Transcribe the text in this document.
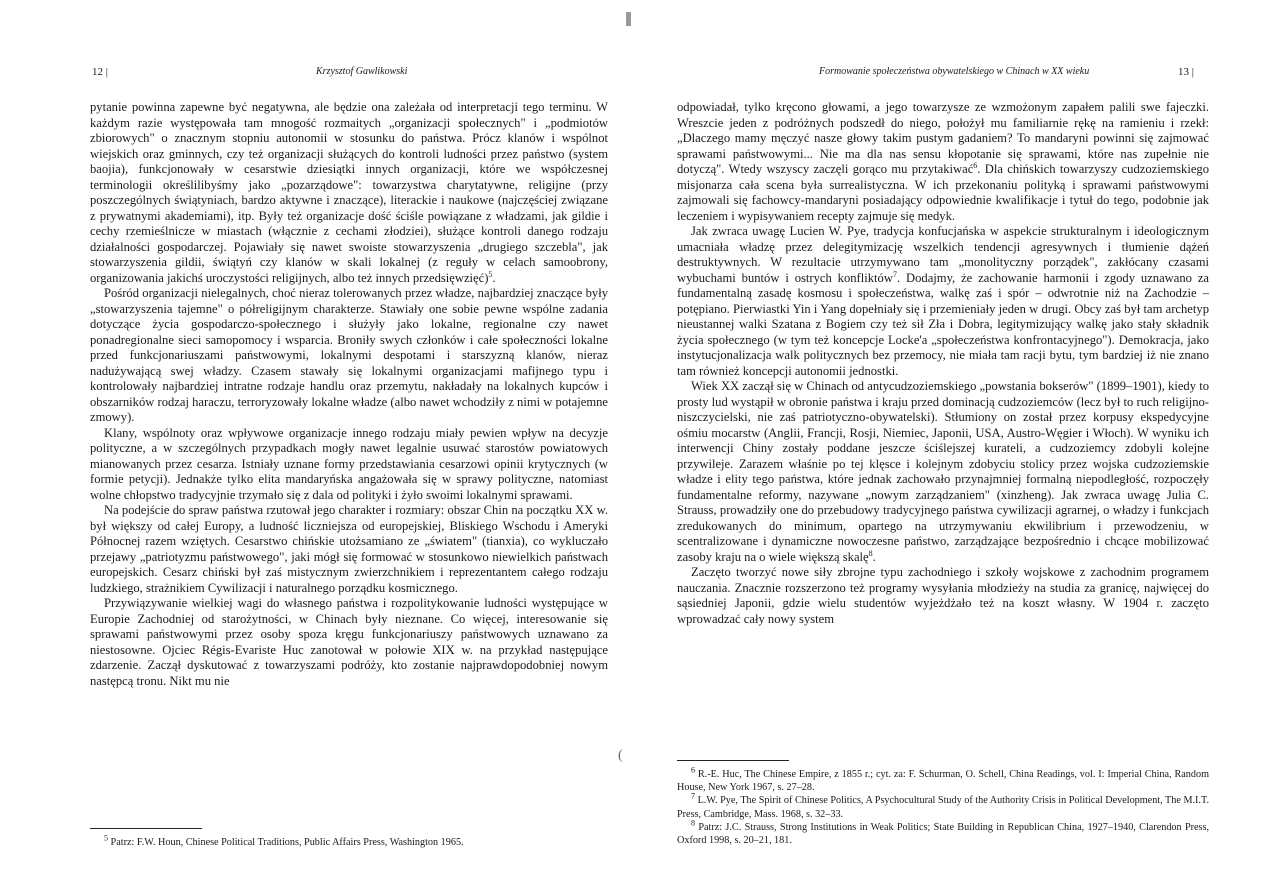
12 |	Krzysztof Gawlikowski

pytanie powinna zapewne być negatywna, ale będzie ona zależała od interpretacji tego terminu. W każdym razie występowała tam mnogość rozmaitych „organizacji społecznych" i „podmiotów zbiorowych" o znacznym stopniu autonomii w stosunku do państwa. Prócz klanów i wspólnot wiejskich oraz gminnych, czy też organizacji służących do kontroli ludności przez państwo (system baojia), funkcjonowały w cesarstwie dziesiątki innych organizacji, które we współczesnej terminologii określilibyśmy jako „pozarządowe": towarzystwa charytatywne, religijne (przy poszczególnych świątyniach, bardzo aktywne i znaczące), literackie i naukowe (najczęściej związane z prywatnymi akademiami), itp. Były też organizacje dość ściśle powiązane z władzami, jak gildie i cechy rzemieślnicze w miastach (włącznie z cechami złodziei), służące kontroli danego rodzaju działalności gospodarczej. Pojawiały się nawet swoiste stowarzyszenia „drugiego szczebla", jak stowarzyszenia gildii, świątyń czy klanów w skali lokalnej (z reguły w celach samoobrony, organizowania jakichś uroczystości religijnych, albo też innych przedsięwzięć)$^5$.

Pośród organizacji nielegalnych, choć nieraz tolerowanych przez władze, najbardziej znaczące były „stowarzyszenia tajemne" o półreligijnym charakterze. Stawiały one sobie pewne wspólne zadania dotyczące życia gospodarczo-społecznego i służyły jako lokalne, regionalne czy nawet ponadregionalne sieci samopomocy i wsparcia. Broniły swych członków i całe społeczności lokalne przed funkcjonariuszami państwowymi, lokalnymi despotami i starszyzną klanów, nieraz nadużywającą swej władzy. Czasem stawały się lokalnymi organizacjami mafijnego typu i kontrolowały najbardziej intratne rodzaje handlu oraz przemytu, nakładały na lokalnych kupców i obszarników rodzaj haraczu, terroryzowały lokalne władze (albo nawet wchodziły z nimi w potajemne zmowy).

Klany, wspólnoty oraz wpływowe organizacje innego rodzaju miały pewien wpływ na decyzje polityczne, a w szczególnych przypadkach mogły nawet legalnie usuwać starostów powiatowych mianowanych przez cesarza. Istniały uznane formy przedstawiania cesarzowi opinii krytycznych (w formie petycji). Jednakże tylko elita mandaryńska angażowała się w sprawy polityczne, natomiast wolne chłopstwo tradycyjnie trzymało się z dala od polityki i żyło swoimi lokalnymi sprawami.

Na podejście do spraw państwa rzutował jego charakter i rozmiary: obszar Chin na początku XX w. był większy od całej Europy, a ludność liczniejsza od europejskiej, Bliskiego Wschodu i Ameryki Północnej razem wziętych. Cesarstwo chińskie utożsamiano ze „światem" (tianxia), co wykluczało przejawy „patriotyzmu państwowego", jaki mógł się formować w stosunkowo niewielkich państwach europejskich. Cesarz chiński był zaś mistycznym zwierzchnikiem i reprezentantem całego rodzaju ludzkiego, strażnikiem Cywilizacji i naturalnego porządku kosmicznego.

Przywiązywanie wielkiej wagi do własnego państwa i rozpolitykowanie ludności występujące w Europie Zachodniej od starożytności, w Chinach były nieznane. Co więcej, interesowanie się sprawami państwowymi przez osoby spoza kręgu funkcjonariuszy państwowych uznawano za niestosowne. Ojciec Régis-Evariste Huc zanotował w połowie XIX w. na przykład następujące zdarzenie. Zaczął dyskutować z towarzyszami podróży, kto zostanie najprawdopodobniej nowym następcą tronu. Nikt mu nie

$^5$ Patrz: F.W. Houn, Chinese Political Traditions, Public Affairs Press, Washington 1965.

(
Formowanie społeczeństwa obywatelskiego w Chinach w XX wieku	13 |

odpowiadał, tylko kręcono głowami, a jego towarzysze ze wzmożonym zapałem palili swe fajeczki. Wreszcie jeden z podróżnych podszedł do niego, położył mu familiarnie rękę na ramieniu i rzekł: „Dlaczego mamy męczyć nasze głowy takim pustym gadaniem? To mandaryni powinni się zajmować sprawami państwowymi... Nie ma dla nas sensu kłopotanie się sprawami, które nas zupełnie nie dotyczą". Wtedy wszyscy zaczęli gorąco mu przytakiwać$^6$. Dla chińskich towarzyszy cudzoziemskiego misjonarza cała scena była surrealistyczna. W ich przekonaniu polityką i sprawami państwowymi zajmowali się fachowcy-mandaryni posiadający odpowiednie kwalifikacje i tytuł do tego, podobnie jak leczeniem i wypisywaniem recepty zajmuje się medyk.

Jak zwraca uwagę Lucien W. Pye, tradycja konfucjańska w aspekcie strukturalnym i ideologicznym umacniała władzę przez delegitymizację wszelkich tendencji agresywnych i tłumienie dążeń destruktywnych. W rezultacie utrzymywano tam „monolityczny porządek", zakłócany czasami wybuchami buntów i ostrych konfliktów$^7$. Dodajmy, że zachowanie harmonii i zgody uznawano za fundamentalną zasadę kosmosu i społeczeństwa, walkę zaś i spór – odwrotnie niż na Zachodzie – potępiano. Pierwiastki Yin i Yang dopełniały się i przemieniały jeden w drugi. Obcy zaś był tam archetyp nieustannej walki Szatana z Bogiem czy też sił Zła i Dobra, legitymizujący walkę jako stały składnik życia społecznego (w tym też koncepcje Locke'a „społeczeństwa konfrontacyjnego"). Demokracja, jako instytucjonalizacja walk politycznych bez przemocy, nie miała tam racji bytu, tym bardziej iż nie znano tam również koncepcji autonomii jednostki.

Wiek XX zaczął się w Chinach od antycudzoziemskiego „powstania bokserów" (1899–1901), kiedy to prosty lud wystąpił w obronie państwa i kraju przed dominacją cudzoziemców (lecz był to ruch religijno-niszczycielski, nie zaś patriotyczno-obywatelski). Stłumiony on został przez korpusy ekspedycyjne ośmiu mocarstw (Anglii, Francji, Rosji, Niemiec, Japonii, USA, Austro-Węgier i Włoch). W wyniku ich interwencji Chiny zostały poddane jeszcze ściślejszej kurateli, a cudzoziemcy zdobyli kolejne przywileje. Zarazem właśnie po tej klęsce i kolejnym zdobyciu stolicy przez wojska cudzoziemskie władze i elity tego państwa, które jednak zachowało przynajmniej formalną niepodległość, rozpoczęły fundamentalne reformy, nazywane „nowym zarządzaniem" (xinzheng). Jak zwraca uwagę Julia C. Strauss, prowadziły one do przebudowy tradycyjnego państwa cywilizacji agrarnej, o władzy i funkcjach zredukowanych do minimum, opartego na utrzymywaniu ekwilibrium i przewodzeniu, w scentralizowane i dynamiczne nowoczesne państwo, zarządzające bezpośrednio i chcące mobilizować zasoby kraju na o wiele większą skalę$^8$.

Zaczęto tworzyć nowe siły zbrojne typu zachodniego i szkoły wojskowe z zachodnim programem nauczania. Znacznie rozszerzono też programy wysyłania młodzieży na studia za granicę, najwięcej do sąsiedniej Japonii, gdzie wielu studentów wyjeżdżało też na koszt własny. W 1904 r. zaczęto wprowadzać cały nowy system

$^6$ R.-E. Huc, The Chinese Empire, z 1855 r.; cyt. za: F. Schurman, O. Schell, China Readings, vol. I: Imperial China, Random House, New York 1967, s. 27–28.

$^7$ L.W. Pye, The Spirit of Chinese Politics, A Psychocultural Study of the Authority Crisis in Political Development, The M.I.T. Press, Cambridge, Mass. 1968, s. 32–33.

$^8$ Patrz: J.C. Strauss, Strong Institutions in Weak Politics; State Building in Republican China, 1927–1940, Clarendon Press, Oxford 1998, s. 20–21, 181.
